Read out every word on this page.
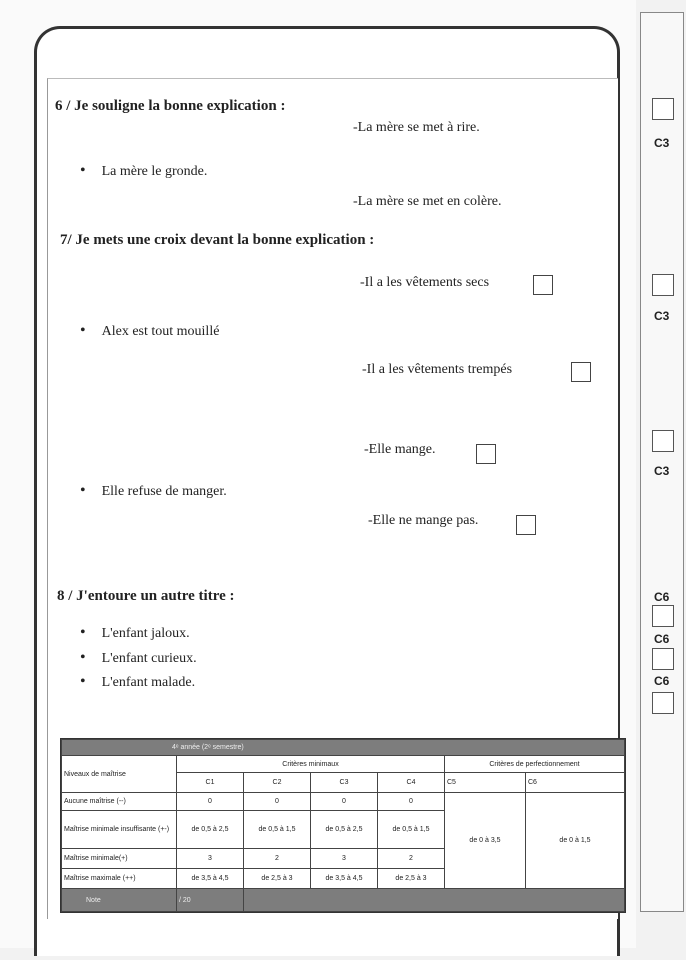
6 / Je souligne la bonne explication :
-La mère se met à rire.
• La mère le gronde.
-La mère se met en colère.
7/ Je mets une croix devant la bonne explication :
-Il a les vêtements secs
• Alex est tout mouillé
-Il a les vêtements trempés
-Elle mange.
• Elle refuse de manger.
-Elle ne mange pas.
8 / J'entoure un autre titre :
• L'enfant jaloux.
• L'enfant curieux.
• L'enfant malade.
C3
C3
C3
C6
C6
C6
4ᵉ année (2ᵉ semestre)						
Niveaux de maîtrise	Critères minimaux				Critères de perfectionnement	
	C1	C2	C3	C4	C5	C6
Aucune maîtrise (--)	0	0	0	0	de 0 à 3,5	de 0 à 1,5
Maîtrise minimale insuffisante (+-)	de 0,5 à 2,5	de 0,5 à 1,5	de 0,5 à 2,5	de 0,5 à 1,5		
Maîtrise minimale(+)	3	2	3	2		
Maîtrise maximale (++)	de 3,5 à 4,5	de 2,5 à 3	de 3,5 à 4,5	de 2,5 à 3		
Note	/ 20					
